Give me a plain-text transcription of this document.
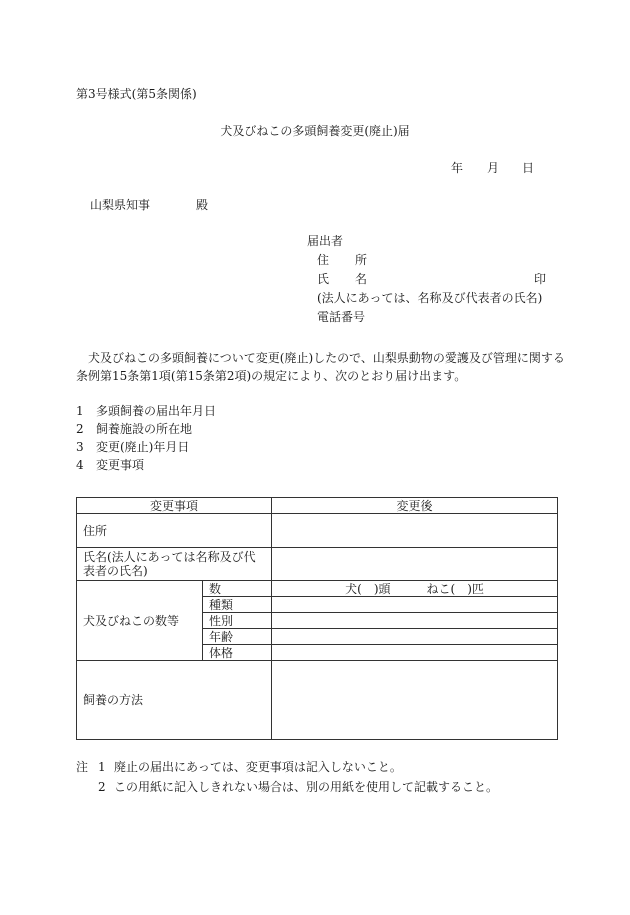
第3号様式(第5条関係)
犬及びねこの多頭飼養変更(廃止)届
年 月 日
山梨県知事	殿
届出者
住 所
氏 名	印
(法人にあっては、名称及び代表者の氏名)
電話番号
犬及びねこの多頭飼養について変更(廃止)したので、山梨県動物の愛護及び管理に関する条例第15条第1項(第15条第2項)の規定により、次のとおり届け出ます。
1 多頭飼養の届出年月日
2 飼養施設の所在地
3 変更(廃止)年月日
4 変更事項
変更事項		変更後
住所		
氏名(法人にあっては名称及び代表者の氏名)		
犬及びねこの数等	数	犬(　)頭 ねこ(　)匹
	種類	
	性別	
	年齢	
	体格	
飼養の方法		
注 1 廃止の届出にあっては、変更事項は記入しないこと。
2 この用紙に記入しきれない場合は、別の用紙を使用して記載すること。
